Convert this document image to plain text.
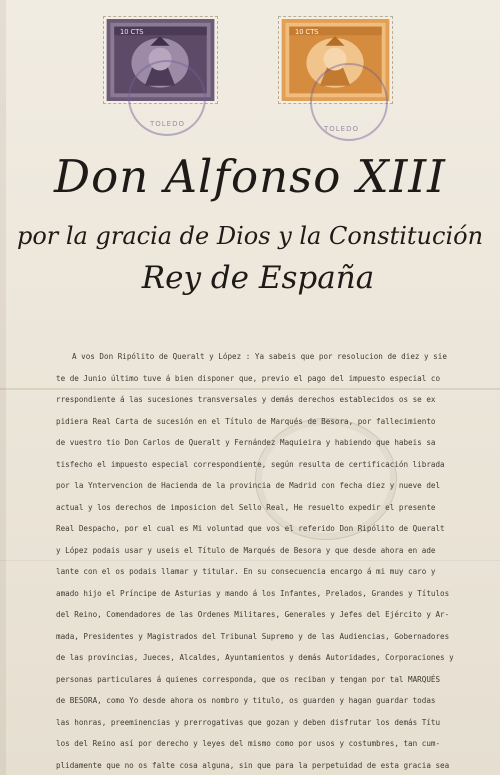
10 CTS	10 CTS
TOLEDO
TOLEDO
Don Alfonso XIII
por la gracia de Dios y la Constitución
Rey de España
A vos Don Ripólito de Queralt y López : Ya sabeis que por resolucion de diez y sie
te de Junio último tuve á bien disponer que, previo el pago del impuesto especial co
rrespondiente á las sucesiones transversales y demás derechos establecidos os se ex
pidiera Real Carta de sucesión en el Título de Marqués de Besora, por fallecimiento
de vuestro tio Don Carlos de Queralt y Fernández Maquieira y habiendo que habeis sa
tisfecho el impuesto especial correspondiente, según resulta de certificación librada
por la Yntervencion de Hacienda de la provincia de Madrid con fecha diez y nueve del
actual y los derechos de imposicion del Sello Real, He resuelto expedir el presente
Real Despacho, por el cual es Mi voluntad que vos el referido Don Ripólito de Queralt
y López podais usar y useis el Título de Marqués de Besora y que desde ahora en ade
lante con el os podais llamar y titular. En su consecuencia encargo á mi muy caro y
amado hijo el Príncipe de Asturias y mando á los Infantes, Prelados, Grandes y Títulos
del Reino, Comendadores de las Ordenes Militares, Generales y Jefes del Ejército y Ar-
mada, Presidentes y Magistrados del Tribunal Supremo y de las Audiencias, Gobernadores
de las provincias, Jueces, Alcaldes, Ayuntamientos y demás Autoridades, Corporaciones y
personas particulares á quienes corresponda, que os reciban y tengan por tal MARQUÉS
de BESORA, como Yo desde ahora os nombro y titulo, os guarden y hagan guardar todas
las honras, preeminencias y prerrogativas que gozan y deben disfrutar los demás Títu
los del Reino así por derecho y leyes del mismo como por usos y costumbres, tan cum-
plidamente que no os falte cosa alguna, sin que para la perpetuidad de esta gracia sea
